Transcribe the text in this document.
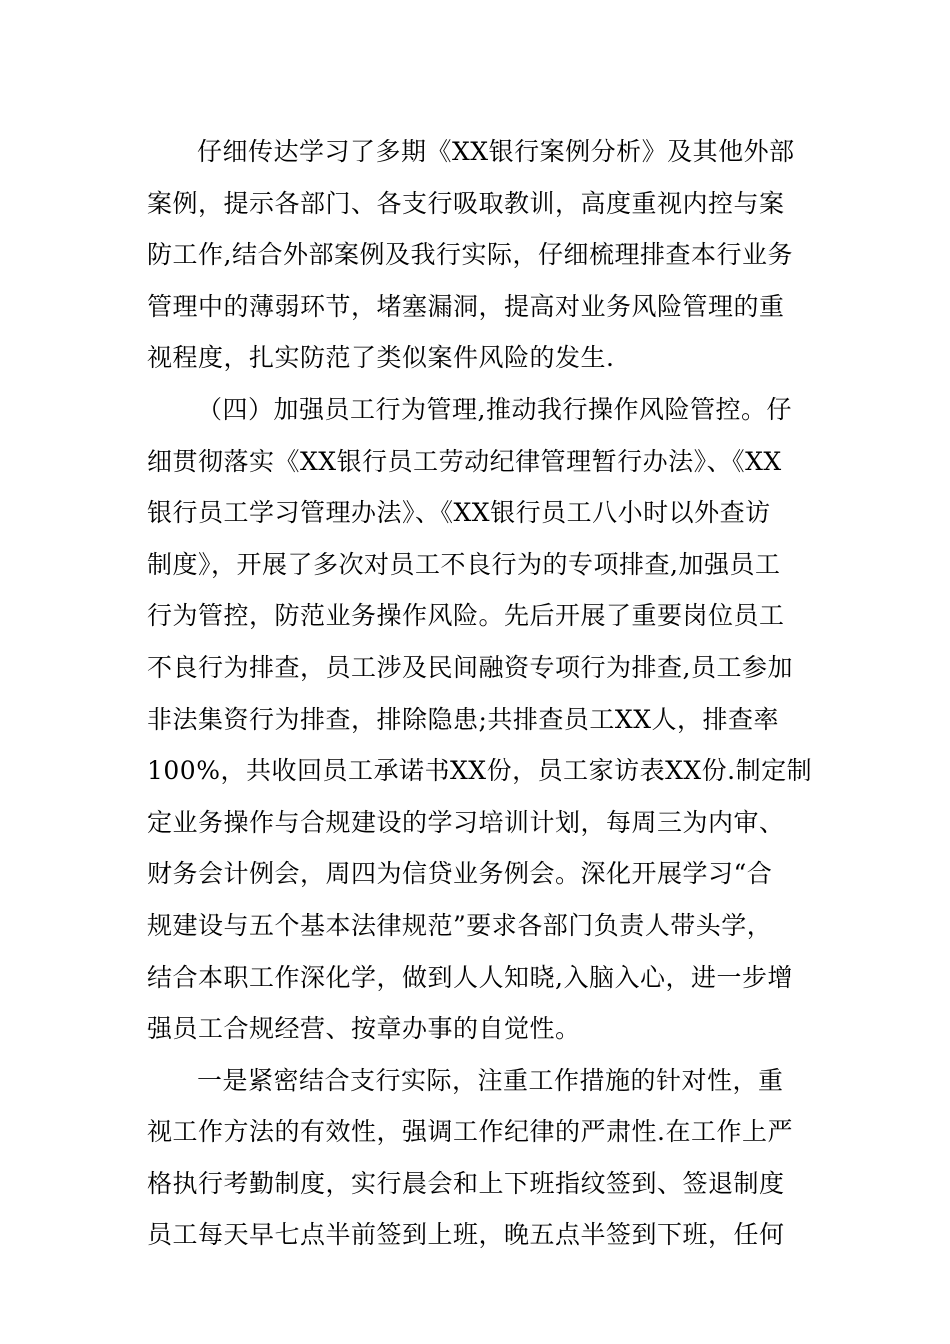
仔细传达学习了多期《XX银行案例分析》及其他外部
案例，提示各部门、各支行吸取教训，高度重视内控与案
防工作,结合外部案例及我行实际，仔细梳理排查本行业务
管理中的薄弱环节，堵塞漏洞，提高对业务风险管理的重
视程度，扎实防范了类似案件风险的发生.
（四）加强员工行为管理,推动我行操作风险管控。仔
细贯彻落实《XX银行员工劳动纪律管理暂行办法》、《XX
银行员工学习管理办法》、《XX银行员工八小时以外查访
制度》，开展了多次对员工不良行为的专项排查,加强员工
行为管控，防范业务操作风险。先后开展了重要岗位员工
不良行为排查，员工涉及民间融资专项行为排查,员工参加
非法集资行为排查，排除隐患;共排查员工XX人，排查率
100%，共收回员工承诺书XX份，员工家访表XX份.制定制
定业务操作与合规建设的学习培训计划，每周三为内审、
财务会计例会，周四为信贷业务例会。深化开展学习“合
规建设与五个基本法律规范”要求各部门负责人带头学，
结合本职工作深化学，做到人人知晓,入脑入心，进一步增
强员工合规经营、按章办事的自觉性。
一是紧密结合支行实际，注重工作措施的针对性，重
视工作方法的有效性，强调工作纪律的严肃性.在工作上严
格执行考勤制度，实行晨会和上下班指纹签到、签退制度
员工每天早七点半前签到上班，晚五点半签到下班，任何
